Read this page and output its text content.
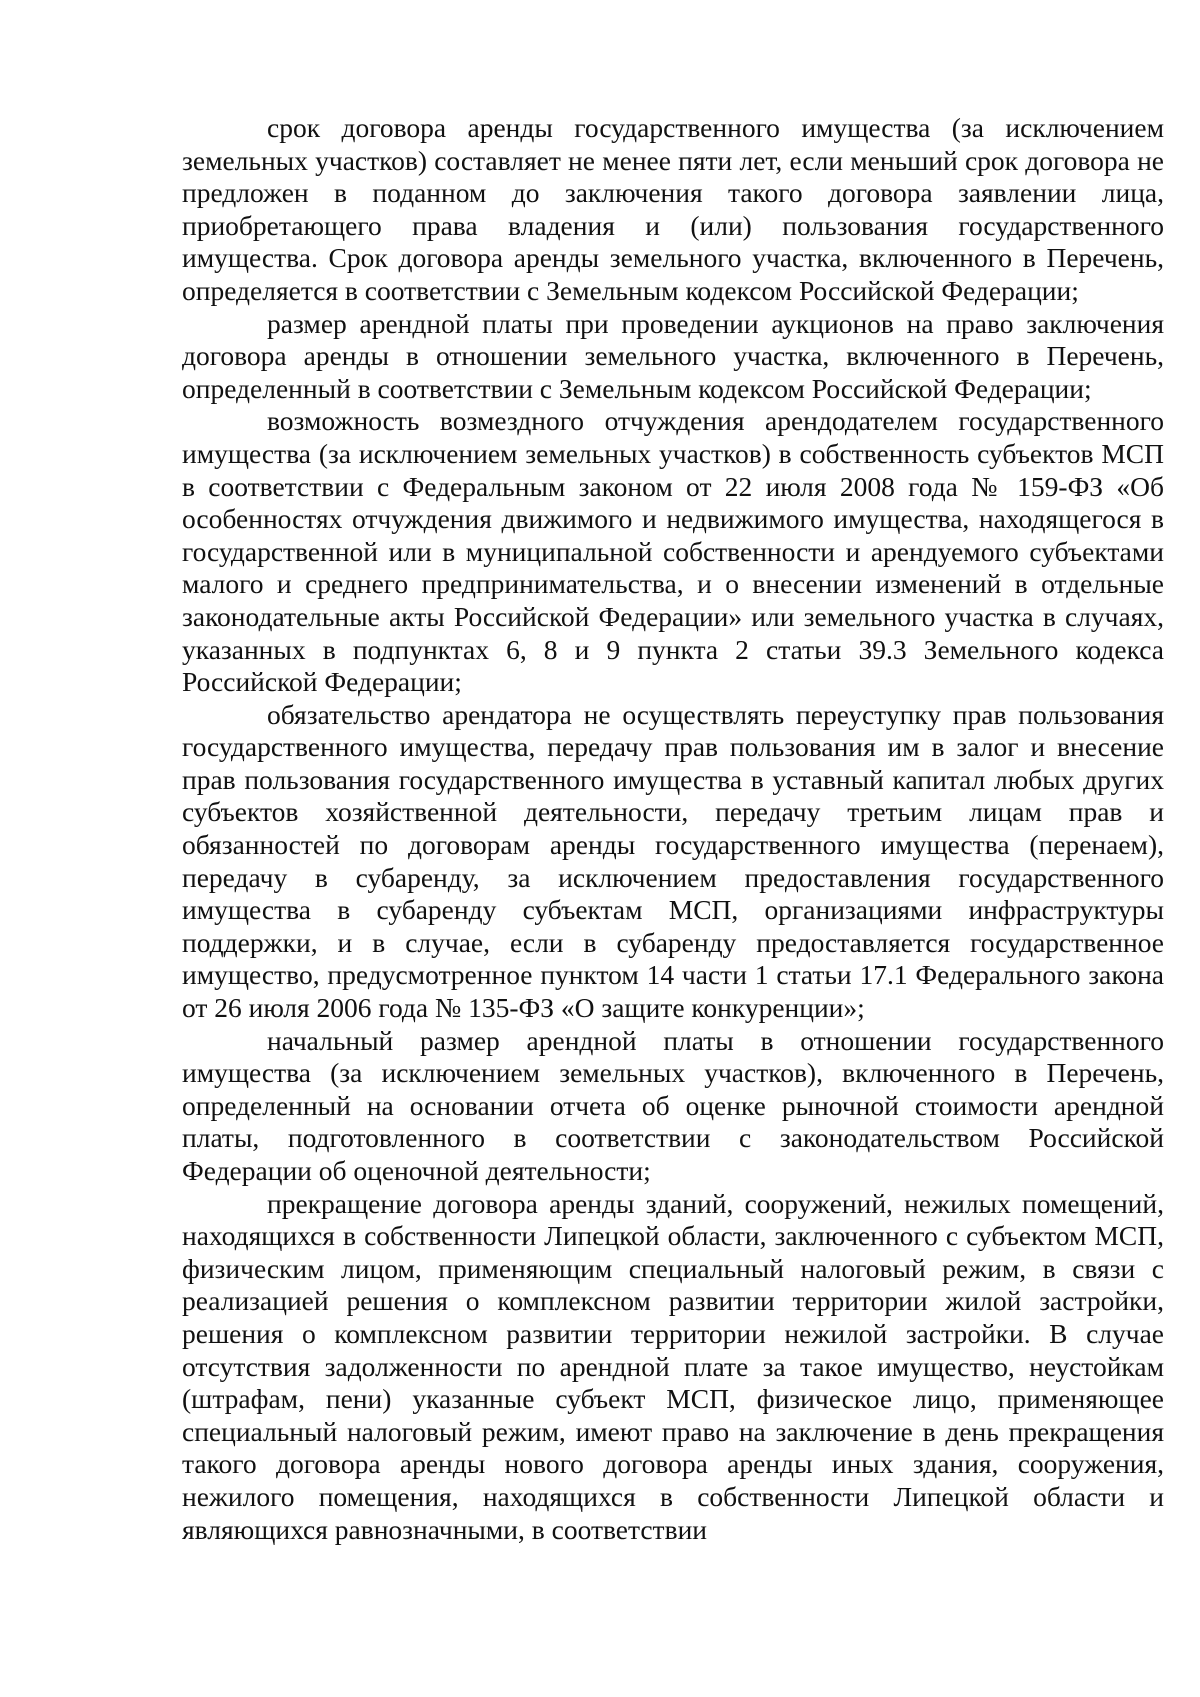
срок договора аренды государственного имущества (за исключением земельных участков) составляет не менее пяти лет, если меньший срок договора не предложен в поданном до заключения такого договора заявлении лица, приобретающего права владения и (или) пользования государственного имущества. Срок договора аренды земельного участка, включенного в Перечень, определяется в соответствии с Земельным кодексом Российской Федерации;

размер арендной платы при проведении аукционов на право заключения договора аренды в отношении земельного участка, включенного в Перечень, определенный в соответствии с Земельным кодексом Российской Федерации;

возможность возмездного отчуждения арендодателем государственного имущества (за исключением земельных участков) в собственность субъектов МСП в соответствии с Федеральным законом от 22 июля 2008 года № 159-ФЗ «Об особенностях отчуждения движимого и недвижимого имущества, находящегося в государственной или в муниципальной собственности и арендуемого субъектами малого и среднего предпринимательства, и о внесении изменений в отдельные законодательные акты Российской Федерации» или земельного участка в случаях, указанных в подпунктах 6, 8 и 9 пункта 2 статьи 39.3 Земельного кодекса Российской Федерации;

обязательство арендатора не осуществлять переуступку прав пользования государственного имущества, передачу прав пользования им в залог и внесение прав пользования государственного имущества в уставный капитал любых других субъектов хозяйственной деятельности, передачу третьим лицам прав и обязанностей по договорам аренды государственного имущества (перенаем), передачу в субаренду, за исключением предоставления государственного имущества в субаренду субъектам МСП, организациями инфраструктуры поддержки, и в случае, если в субаренду предоставляется государственное имущество, предусмотренное пунктом 14 части 1 статьи 17.1 Федерального закона от 26 июля 2006 года № 135-ФЗ «О защите конкуренции»;

начальный размер арендной платы в отношении государственного имущества (за исключением земельных участков), включенного в Перечень, определенный на основании отчета об оценке рыночной стоимости арендной платы, подготовленного в соответствии с законодательством Российской Федерации об оценочной деятельности;

прекращение договора аренды зданий, сооружений, нежилых помещений, находящихся в собственности Липецкой области, заключенного с субъектом МСП, физическим лицом, применяющим специальный налоговый режим, в связи с реализацией решения о комплексном развитии территории жилой застройки, решения о комплексном развитии территории нежилой застройки. В случае отсутствия задолженности по арендной плате за такое имущество, неустойкам (штрафам, пени) указанные субъект МСП, физическое лицо, применяющее специальный налоговый режим, имеют право на заключение в день прекращения такого договора аренды нового договора аренды иных здания, сооружения, нежилого помещения, находящихся в собственности Липецкой области и являющихся равнозначными, в соответствии
